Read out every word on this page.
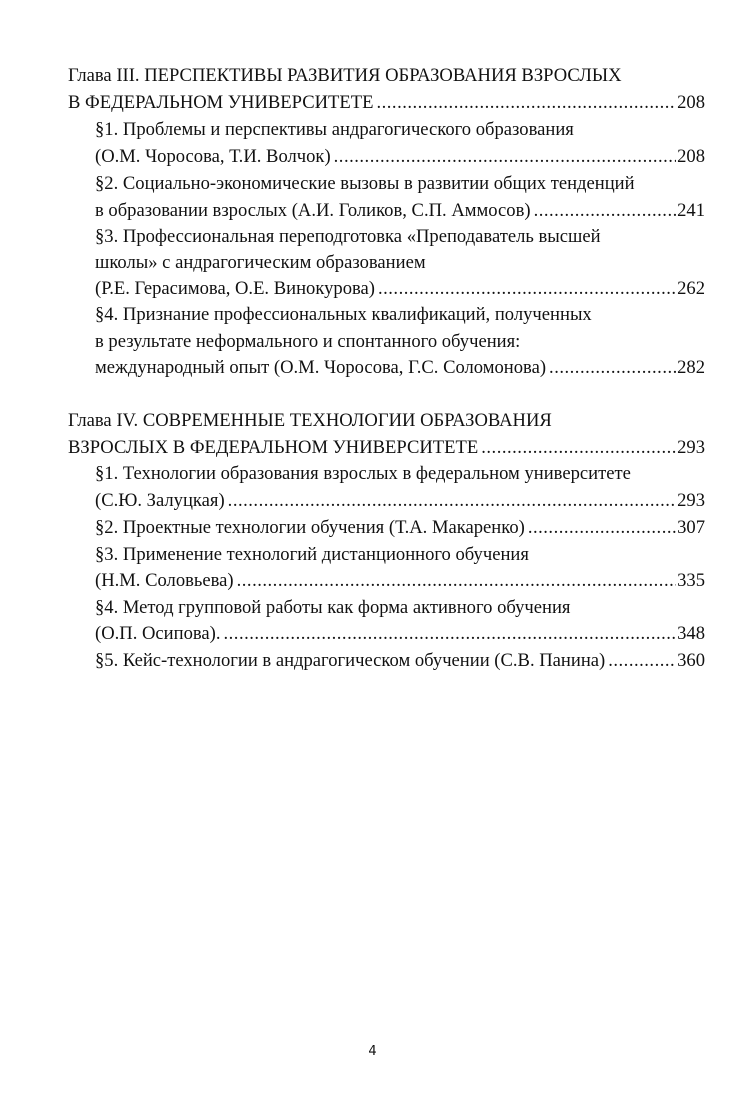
Глава III. ПЕРСПЕКТИВЫ РАЗВИТИЯ ОБРАЗОВАНИЯ ВЗРОСЛЫХ
В ФЕДЕРАЛЬНОМ УНИВЕРСИТЕТЕ .....	208
§1. Проблемы и перспективы андрагогического образования
(О.М. Чоросова, Т.И. Волчок) .....	208
§2. Социально-экономические вызовы в развитии общих тенденций
в образовании взрослых (А.И. Голиков, С.П. Аммосов) .....	241
§3. Профессиональная переподготовка «Преподаватель высшей
школы» с андрагогическим образованием
(Р.Е. Герасимова, О.Е. Винокурова) .....	262
§4. Признание профессиональных квалификаций, полученных
в результате неформального и спонтанного обучения:
международный опыт (О.М. Чоросова, Г.С. Соломонова) .....	282
Глава IV. СОВРЕМЕННЫЕ ТЕХНОЛОГИИ ОБРАЗОВАНИЯ
ВЗРОСЛЫХ В ФЕДЕРАЛЬНОМ УНИВЕРСИТЕТЕ .....	293
§1. Технологии образования взрослых в федеральном университете
(С.Ю. Залуцкая) .....	293
§2. Проектные технологии обучения (Т.А. Макаренко) .....	307
§3. Применение технологий дистанционного обучения
(Н.М. Соловьева) .....	335
§4. Метод групповой работы как форма активного обучения
(О.П. Осипова). .....	348
§5. Кейс-технологии в андрагогическом обучении (С.В. Панина) .....	360
4
